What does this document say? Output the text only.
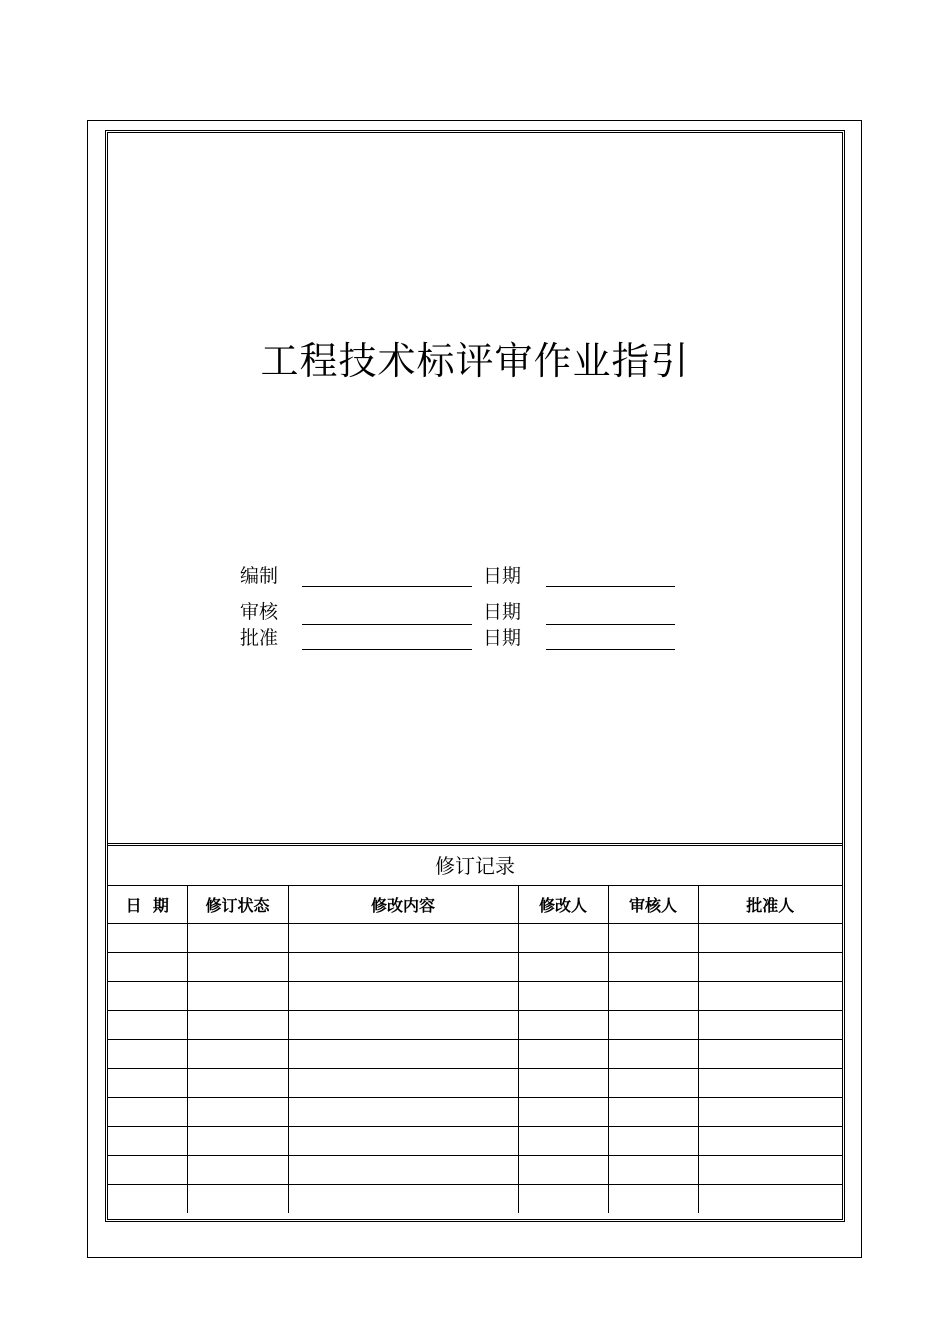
工程技术标评审作业指引
编制	日期
审核	日期
批准	日期
修订记录
日  期	修订状态	修改内容	修改人	审核人	批准人
